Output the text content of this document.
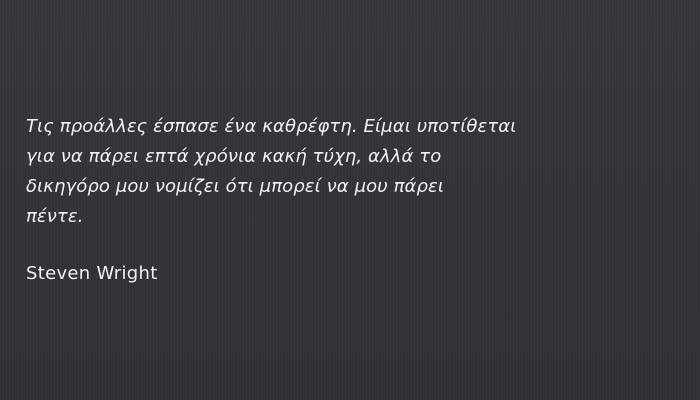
Τις προάλλες έσπασε ένα καθρέφτη. Είμαι υποτίθεται
για να πάρει επτά χρόνια κακή τύχη, αλλά το
δικηγόρο μου νομίζει ότι μπορεί να μου πάρει
πέντε.

Steven Wright
